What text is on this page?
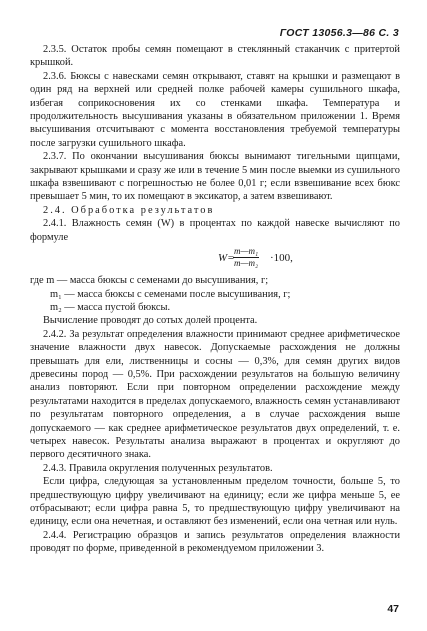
ГОСТ 13056.3—86 С. 3

2.3.5. Остаток пробы семян помещают в стеклянный стаканчик с притертой крышкой.

2.3.6. Бюксы с навесками семян открывают, ставят на крышки и размещают в один ряд на верхней или средней полке рабочей камеры сушильного шкафа, избегая соприкосновения их со стенками шкафа. Температура и продолжительность высушивания указаны в обязательном приложении 1. Время высушивания отсчитывают с момента восстановления требуемой температуры после загрузки сушильного шкафа.

2.3.7. По окончании высушивания бюксы вынимают тигельными щипцами, закрывают крышками и сразу же или в течение 5 мин после выемки из сушильного шкафа взвешивают с погрешностью не более 0,01 г; если взвешивание всех бюкс превышает 5 мин, то их помещают в эксикатор, а затем взвешивают.

2.4. Обработка результатов

2.4.1. Влажность семян (W) в процентах по каждой навеске вычисляют по формуле

W=
$\frac{\text{m—m₁}}{\text{m—m₂}} \cdot 100$,

где m — масса бюксы с семенами до высушивания, г;

m₁ — масса бюксы с семенами после высушивания, г;

m₂ — масса пустой бюксы.

Вычисление проводят до сотых долей процента.

2.4.2. За результат определения влажности принимают среднее арифметическое значение влажности двух навесок. Допускаемые расхождения не должны превышать для ели, лиственницы и сосны — 0,3%, для семян других видов древесины пород — 0,5%. При расхождении результатов на большую величину анализ повторяют. Если при повторном определении расхождение между результатами находится в пределах допускаемого, влажность семян устанавливают по результатам повторного определения, а в случае расхождения выше допускаемого — как среднее арифметическое результатов двух определений, т. е. четырех навесок. Результаты анализа выражают в процентах и округляют до первого десятичного знака.

2.4.3. Правила округления полученных результатов.

Если цифра, следующая за установленным пределом точности, больше 5, то предшествующую цифру увеличивают на единицу; если же цифра меньше 5, ее отбрасывают; если цифра равна 5, то предшествующую цифру увеличивают на единицу, если она нечетная, и оставляют без изменений, если она четная или нуль.

2.4.4. Регистрацию образцов и запись результатов определения влажности проводят по форме, приведенной в рекомендуемом приложении 3.

47
